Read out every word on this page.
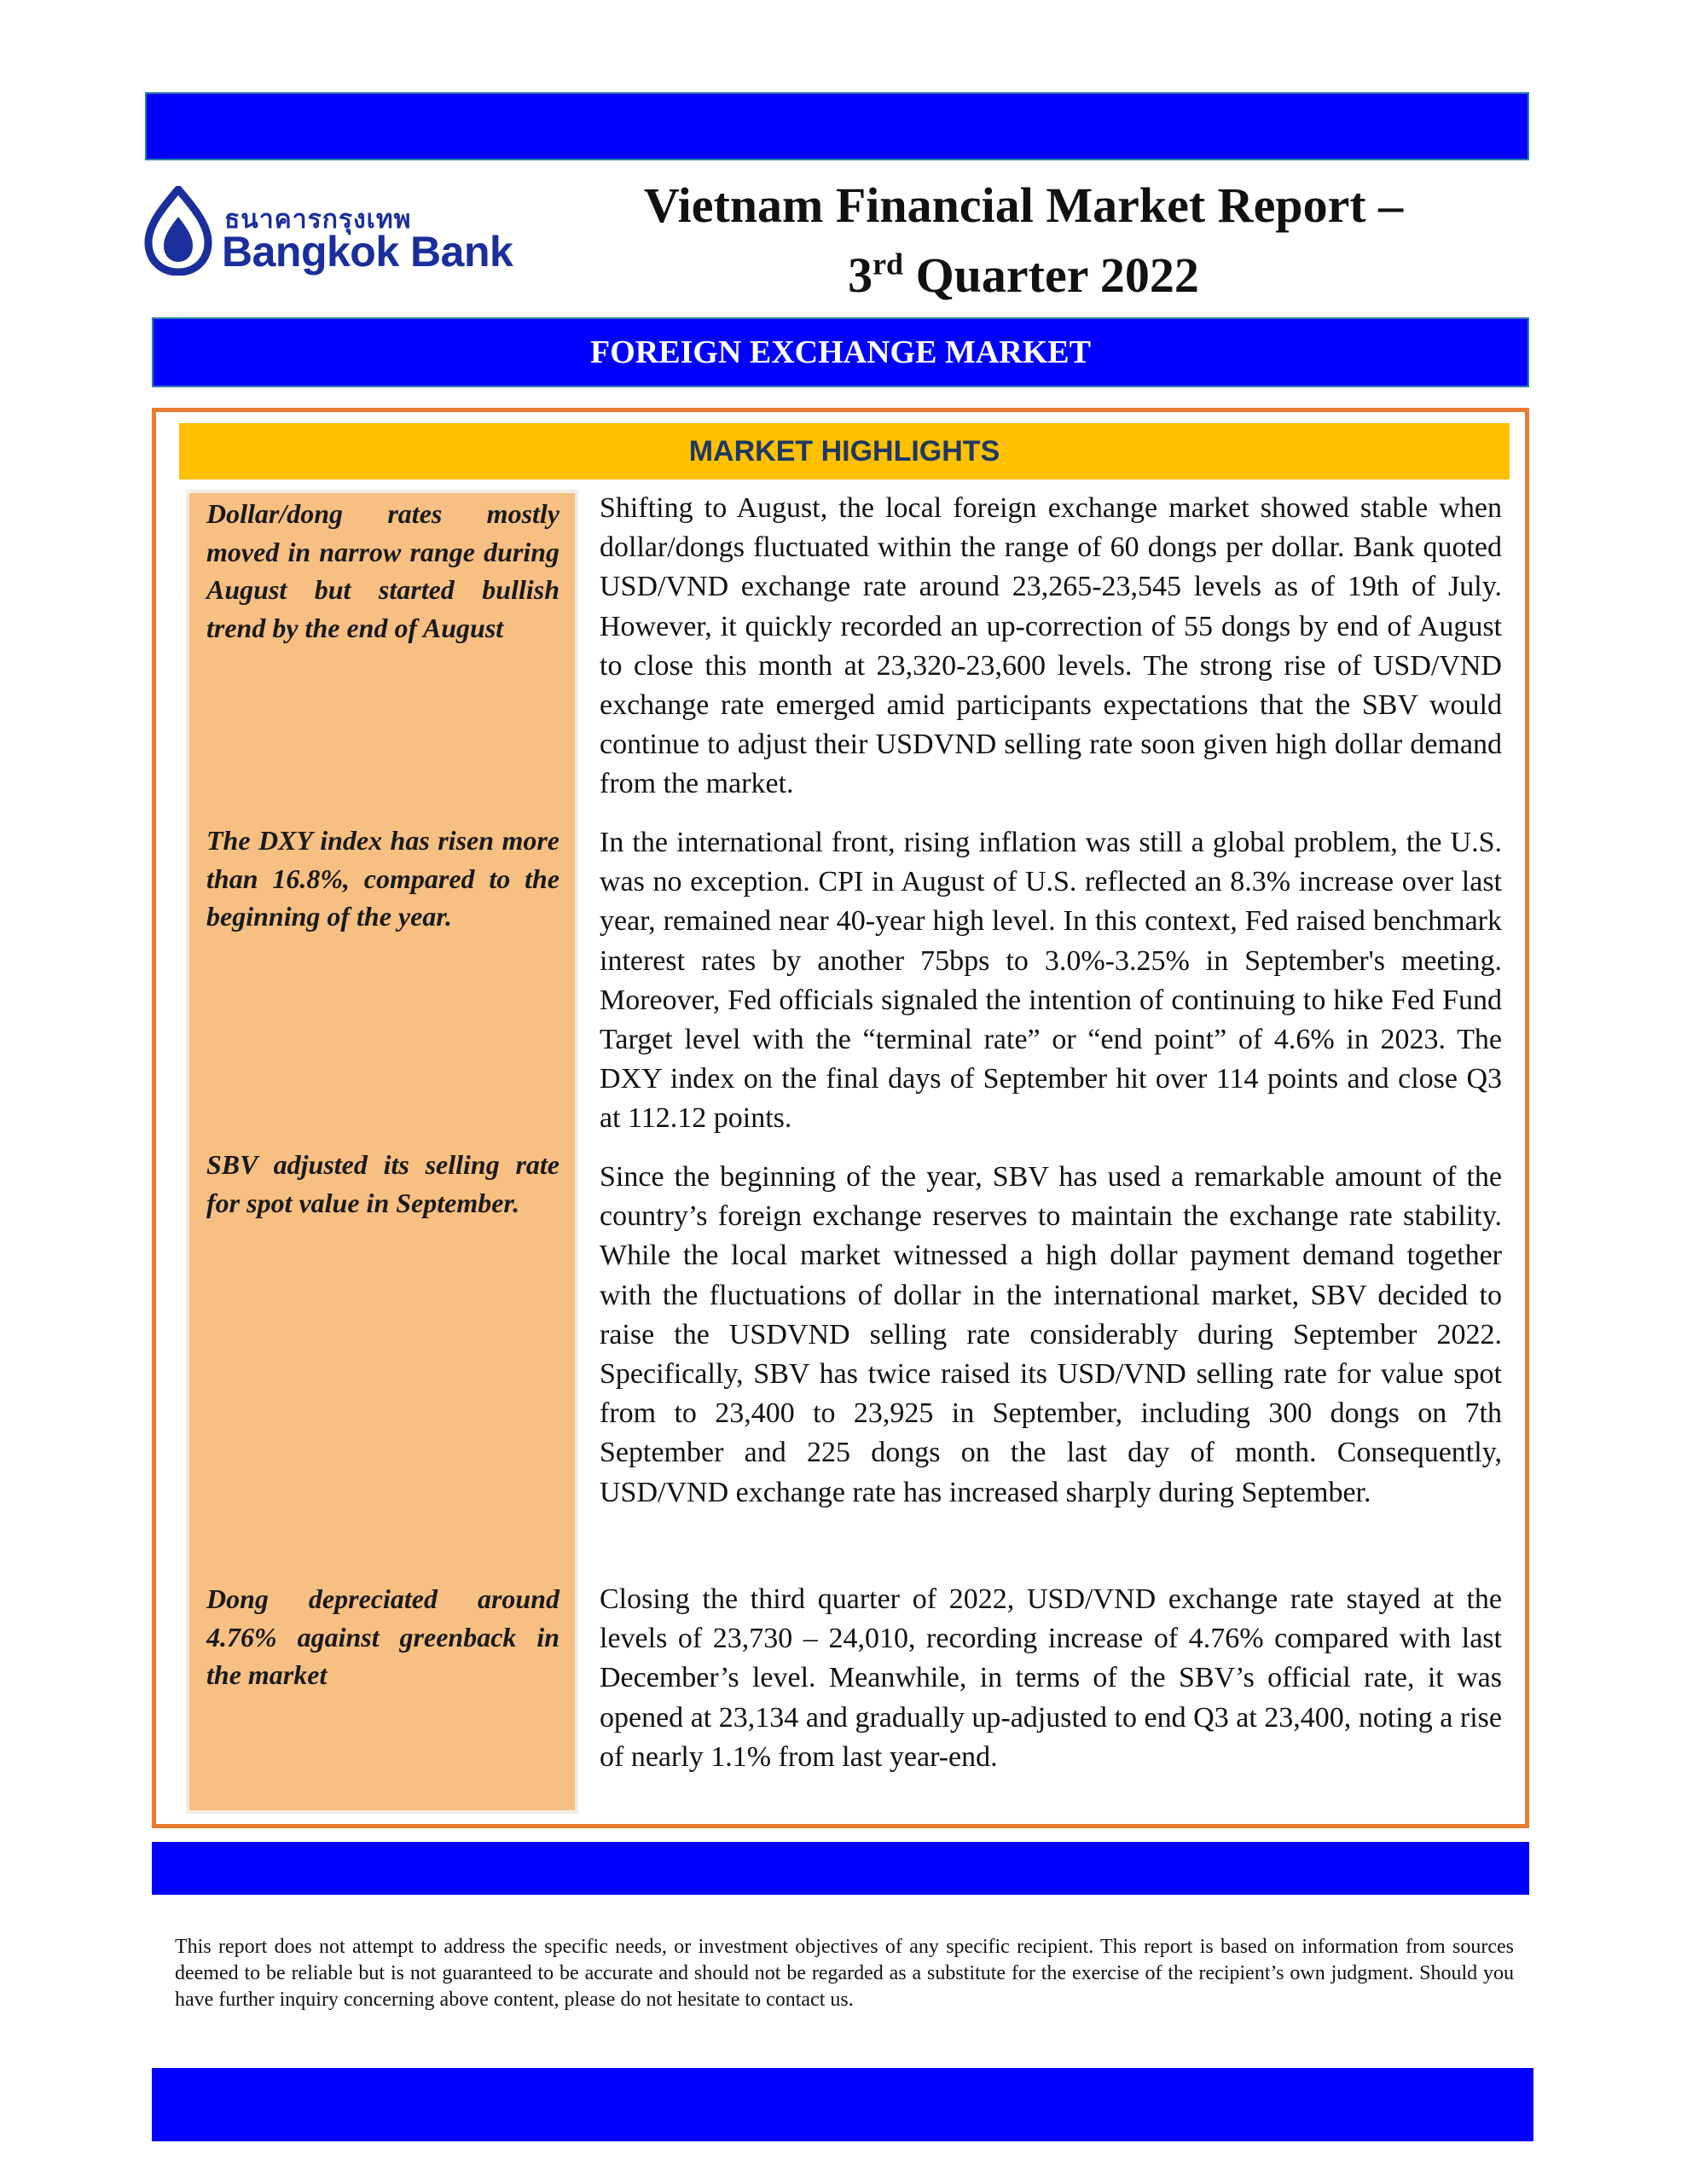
ธนาคารกรุงเทพ
Bangkok Bank
Vietnam Financial Market Report –
3rd Quarter 2022
FOREIGN EXCHANGE MARKET
MARKET HIGHLIGHTS
Dollar/dong rates mostly moved in narrow range during August but started bullish trend by the end of August
The DXY index has risen more than 16.8%, compared to the beginning of the year.
SBV adjusted its selling rate for spot value in September.
Dong depreciated around 4.76% against greenback in the market
Shifting to August, the local foreign exchange market showed stable when dollar/dongs fluctuated within the range of 60 dongs per dollar. Bank quoted USD/VND exchange rate around 23,265-23,545 levels as of 19th of July. However, it quickly recorded an up-correction of 55 dongs by end of August to close this month at 23,320-23,600 levels. The strong rise of USD/VND exchange rate emerged amid participants expectations that the SBV would continue to adjust their USDVND selling rate soon given high dollar demand from the market.
In the international front, rising inflation was still a global problem, the U.S. was no exception. CPI in August of U.S. reflected an 8.3% increase over last year, remained near 40-year high level. In this context, Fed raised benchmark interest rates by another 75bps to 3.0%-3.25% in September's meeting. Moreover, Fed officials signaled the intention of continuing to hike Fed Fund Target level with the “terminal rate” or “end point” of 4.6% in 2023. The DXY index on the final days of September hit over 114 points and close Q3 at 112.12 points.
Since the beginning of the year, SBV has used a remarkable amount of the country’s foreign exchange reserves to maintain the exchange rate stability. While the local market witnessed a high dollar payment demand together with the fluctuations of dollar in the international market, SBV decided to raise the USDVND selling rate considerably during September 2022. Specifically, SBV has twice raised its USD/VND selling rate for value spot from to 23,400 to 23,925 in September, including 300 dongs on 7th September and 225 dongs on the last day of month. Consequently, USD/VND exchange rate has increased sharply during September.
Closing the third quarter of 2022, USD/VND exchange rate stayed at the levels of 23,730 – 24,010, recording increase of 4.76% compared with last December’s level. Meanwhile, in terms of the SBV’s official rate, it was opened at 23,134 and gradually up-adjusted to end Q3 at 23,400, noting a rise of nearly 1.1% from last year-end.
This report does not attempt to address the specific needs, or investment objectives of any specific recipient. This report is based on information from sources deemed to be reliable but is not guaranteed to be accurate and should not be regarded as a substitute for the exercise of the recipient’s own judgment. Should you have further inquiry concerning above content, please do not hesitate to contact us.
